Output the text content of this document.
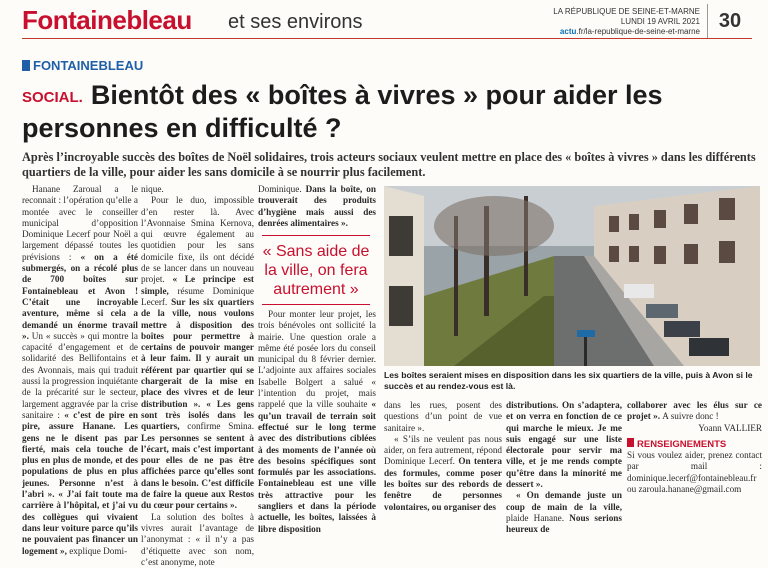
Fontainebleau et ses environs	LA RÉPUBLIQUE DE SEINE-ET-MARNE
LUNDI 19 AVRIL 2021
actu.fr/la-republique-de-seine-et-marne 30
FONTAINEBLEAU
SOCIAL. Bientôt des « boîtes à vivres » pour aider les personnes en difficulté ?
Après l’incroyable succès des boîtes de Noël solidaires, trois acteurs sociaux veulent mettre en place des « boîtes à vivres » dans les différents quartiers de la ville, pour aider les sans domicile à se nourrir plus facilement.

Hanane Zaroual a le reconnait : l’opération qu’elle a montée avec le conseiller municipal d’opposition Dominique Lecerf pour Noël a largement dépassé toutes les prévisions : « on a été submergés, on a récolé plus de 700 boîtes sur Fontainebleau et Avon ! C’était une incroyable aventure, même si cela a demandé un énorme travail ». Un « succès » qui montre la capacité d’engagement et de solidarité des Bellifontains et des Avonnais, mais qui traduit aussi la progression inquiétante de la précarité sur le secteur, largement aggravée par la crise sanitaire : « c’est de pire en pire, assure Hanane. Les gens ne le disent pas par fierté, mais cela touche de plus en plus de monde, et des populations de plus en plus jeunes. Personne n’est à l’abri ». « J’ai fait toute ma carrière à l’hôpital, et j’ai vu des collègues qui vivaient dans leur voiture parce qu’ils ne pouvaient pas financer un logement », explique Domi-

nique.

Pour le duo, impossible d’en rester là. Avec l’Avonnaise Smina Kernova, qui œuvre également au quotidien pour les sans domicile fixe, ils ont décidé de se lancer dans un nouveau projet. « Le principe est simple, résume Dominique Lecerf. Sur les six quartiers de la ville, nous voulons mettre à disposition des boîtes pour permettre à certains de pouvoir manger à leur faim. Il y aurait un référent par quartier qui se chargerait de la mise en place des vivres et de leur distribution ». « Les gens sont très isolés dans les quartiers, confirme Smina. Les personnes se sentent à l’écart, mais c’est important pour elles de ne pas être affichées parce qu’elles sont dans le besoin. C’est difficile de faire la queue aux Restos du cœur pour certains ».

La solution des boîtes à vivres aurait l’avantage de l’anonymat : « il n’y a pas d’étiquette avec son nom, c’est anonyme, note

Dominique. Dans la boîte, on trouverait des produits d’hygiène mais aussi des denrées alimentaires ».

« Sans aide de la ville, on fera autrement »

Pour monter leur projet, les trois bénévoles ont sollicité la mairie. Une question orale a même été posée lors du conseil municipal du 8 février dernier. L’adjointe aux affaires sociales Isabelle Bolgert a salué « l’intention du projet, mais rappelé que la ville souhaite « qu’un travail de terrain soit effectué sur le long terme avec des distributions ciblées à des moments de l’année où des besoins spécifiques sont formulés par les associations. Fontainebleau est une ville très attractive pour les sangliers et dans la période actuelle, les boîtes, laissées à libre disposition

Les boîtes seraient mises en disposition dans les six quartiers de la ville, puis à Avon si le succès et au rendez-vous est là.

dans les rues, posent des questions d’un point de vue sanitaire ».

« S’ils ne veulent pas nous aider, on fera autrement, répond Dominique Lecerf. On tentera des formules, comme poser les boîtes sur des rebords de fenêtre de personnes volontaires, ou organiser des

distributions. On s’adaptera, et on verra en fonction de ce qui marche le mieux. Je me suis engagé sur une liste électorale pour servir ma ville, et je me rends compte qu’être dans la minorité me dessert ».

« On demande juste un coup de main de la ville, plaide Hanane. Nous serions heureux de

collaborer avec les élus sur ce projet ». A suivre donc !

Yoann VALLIER

RENSEIGNEMENTS

Si vous voulez aider, prenez contact par mail : dominique.lecerf@fontainebleau.fr ou zaroula.hanane@gmail.com
